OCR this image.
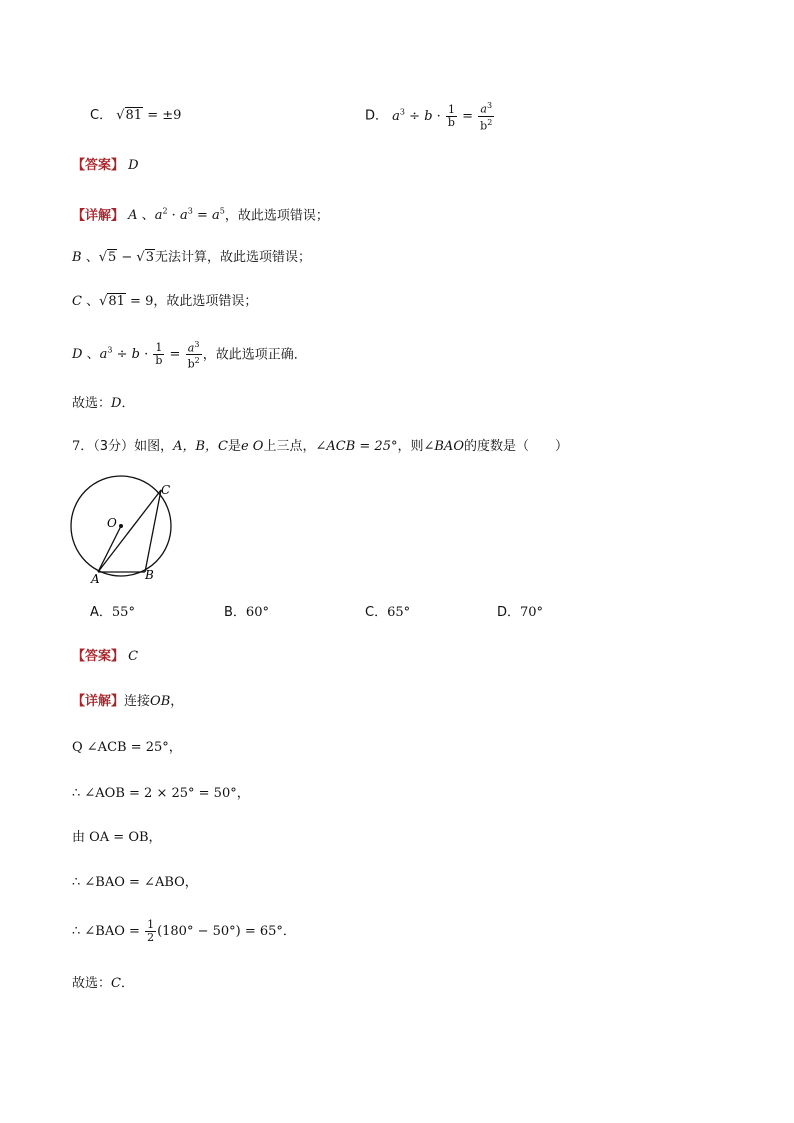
C． √81 = ±9	D． $a^3 \div b \cdot \frac{1}{b} = \frac{a^3}{b^2}$
【答案】 D
【详解】 A 、$a^2 \cdot a^3 = a^5$，故此选项错误；
B 、√5 − √3无法计算，故此选项错误；
C 、√81 = 9，故此选项错误；
D 、$a^3 \div b \cdot \frac{1}{b} = \frac{a^3}{b^2}$ ，故此选项正确．
故选：D．
7．（3分）如图，A，B，C是e O上三点，∠ACB = 25°，则∠BAO的度数是（　　）
O
A	B
C
A．55°	B．60°	C．65°	D．70°
【答案】 C
【详解】连接OB，
Q ∠ACB = 25°，
∴ ∠AOB = 2 × 25° = 50°，
由 OA = OB，
∴ ∠BAO = ∠ABO，
∴ ∠BAO = $\frac{1}{2} (180^\circ - 50^\circ) = 65^\circ$．
故选：C．
